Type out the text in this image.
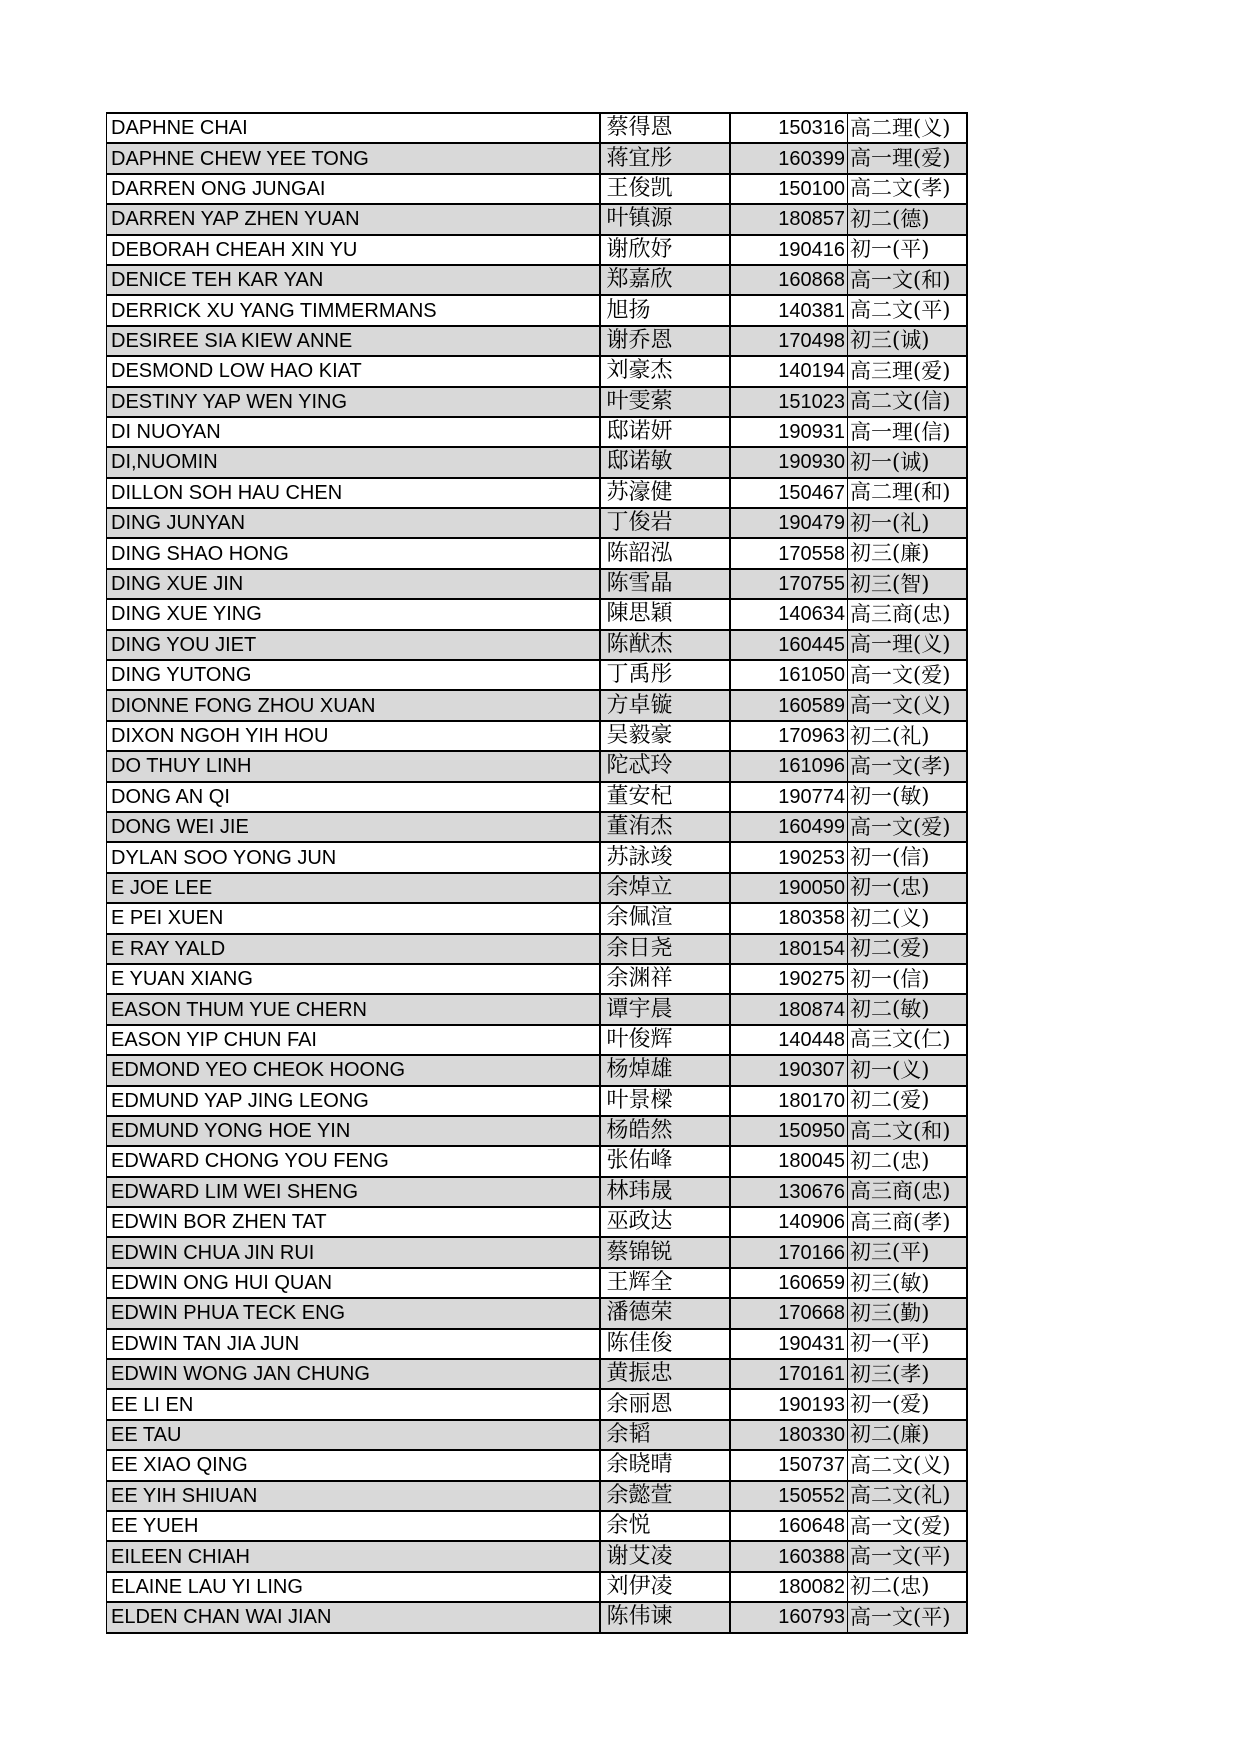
DAPHNE CHAI	蔡得恩	150316	高二理(义)
DAPHNE CHEW YEE TONG	蒋宜彤	160399	高一理(爱)
DARREN ONG JUNGAI	王俊凯	150100	高二文(孝)
DARREN YAP ZHEN YUAN	叶镇源	180857	初二(德)
DEBORAH CHEAH XIN YU	谢欣妤	190416	初一(平)
DENICE TEH KAR YAN	郑嘉欣	160868	高一文(和)
DERRICK XU YANG TIMMERMANS	旭扬	140381	高二文(平)
DESIREE SIA KIEW ANNE	谢乔恩	170498	初三(诚)
DESMOND LOW HAO KIAT	刘豪杰	140194	高三理(爱)
DESTINY YAP WEN YING	叶雯萦	151023	高二文(信)
DI NUOYAN	邸诺妍	190931	高一理(信)
DI,NUOMIN	邸诺敏	190930	初一(诚)
DILLON SOH HAU CHEN	苏濠健	150467	高二理(和)
DING JUNYAN	丁俊岩	190479	初一(礼)
DING SHAO HONG	陈韶泓	170558	初三(廉)
DING XUE JIN	陈雪晶	170755	初三(智)
DING XUE YING	陳思穎	140634	高三商(忠)
DING YOU JIET	陈猷杰	160445	高一理(义)
DING YUTONG	丁禹彤	161050	高一文(爱)
DIONNE FONG ZHOU XUAN	方卓镟	160589	高一文(义)
DIXON NGOH YIH HOU	吴毅豪	170963	初二(礼)
DO THUY LINH	陀忒玲	161096	高一文(孝)
DONG AN QI	董安杞	190774	初一(敏)
DONG WEI JIE	董洧杰	160499	高一文(爱)
DYLAN SOO YONG JUN	苏詠竣	190253	初一(信)
E JOE LEE	余焯立	190050	初一(忠)
E PEI XUEN	余佩渲	180358	初二(义)
E RAY YALD	余日尧	180154	初二(爱)
E YUAN XIANG	余渊祥	190275	初一(信)
EASON THUM YUE CHERN	谭宇晨	180874	初二(敏)
EASON YIP CHUN FAI	叶俊辉	140448	高三文(仁)
EDMOND YEO CHEOK HOONG	杨焯雄	190307	初一(义)
EDMUND YAP JING LEONG	叶景樑	180170	初二(爱)
EDMUND YONG HOE YIN	杨皓然	150950	高二文(和)
EDWARD CHONG YOU FENG	张佑峰	180045	初二(忠)
EDWARD LIM WEI SHENG	林玮晟	130676	高三商(忠)
EDWIN BOR ZHEN TAT	巫政达	140906	高三商(孝)
EDWIN CHUA JIN RUI	蔡锦锐	170166	初三(平)
EDWIN ONG HUI QUAN	王辉全	160659	初三(敏)
EDWIN PHUA TECK ENG	潘德荣	170668	初三(勤)
EDWIN TAN JIA JUN	陈佳俊	190431	初一(平)
EDWIN WONG JAN CHUNG	黄振忠	170161	初三(孝)
EE LI EN	余丽恩	190193	初一(爱)
EE TAU	余韬	180330	初二(廉)
EE XIAO QING	余晓晴	150737	高二文(义)
EE YIH SHIUAN	余懿萱	150552	高二文(礼)
EE YUEH	余悦	160648	高一文(爱)
EILEEN CHIAH	谢艾凌	160388	高一文(平)
ELAINE LAU YI LING	刘伊凌	180082	初二(忠)
ELDEN CHAN WAI JIAN	陈伟谏	160793	高一文(平)
